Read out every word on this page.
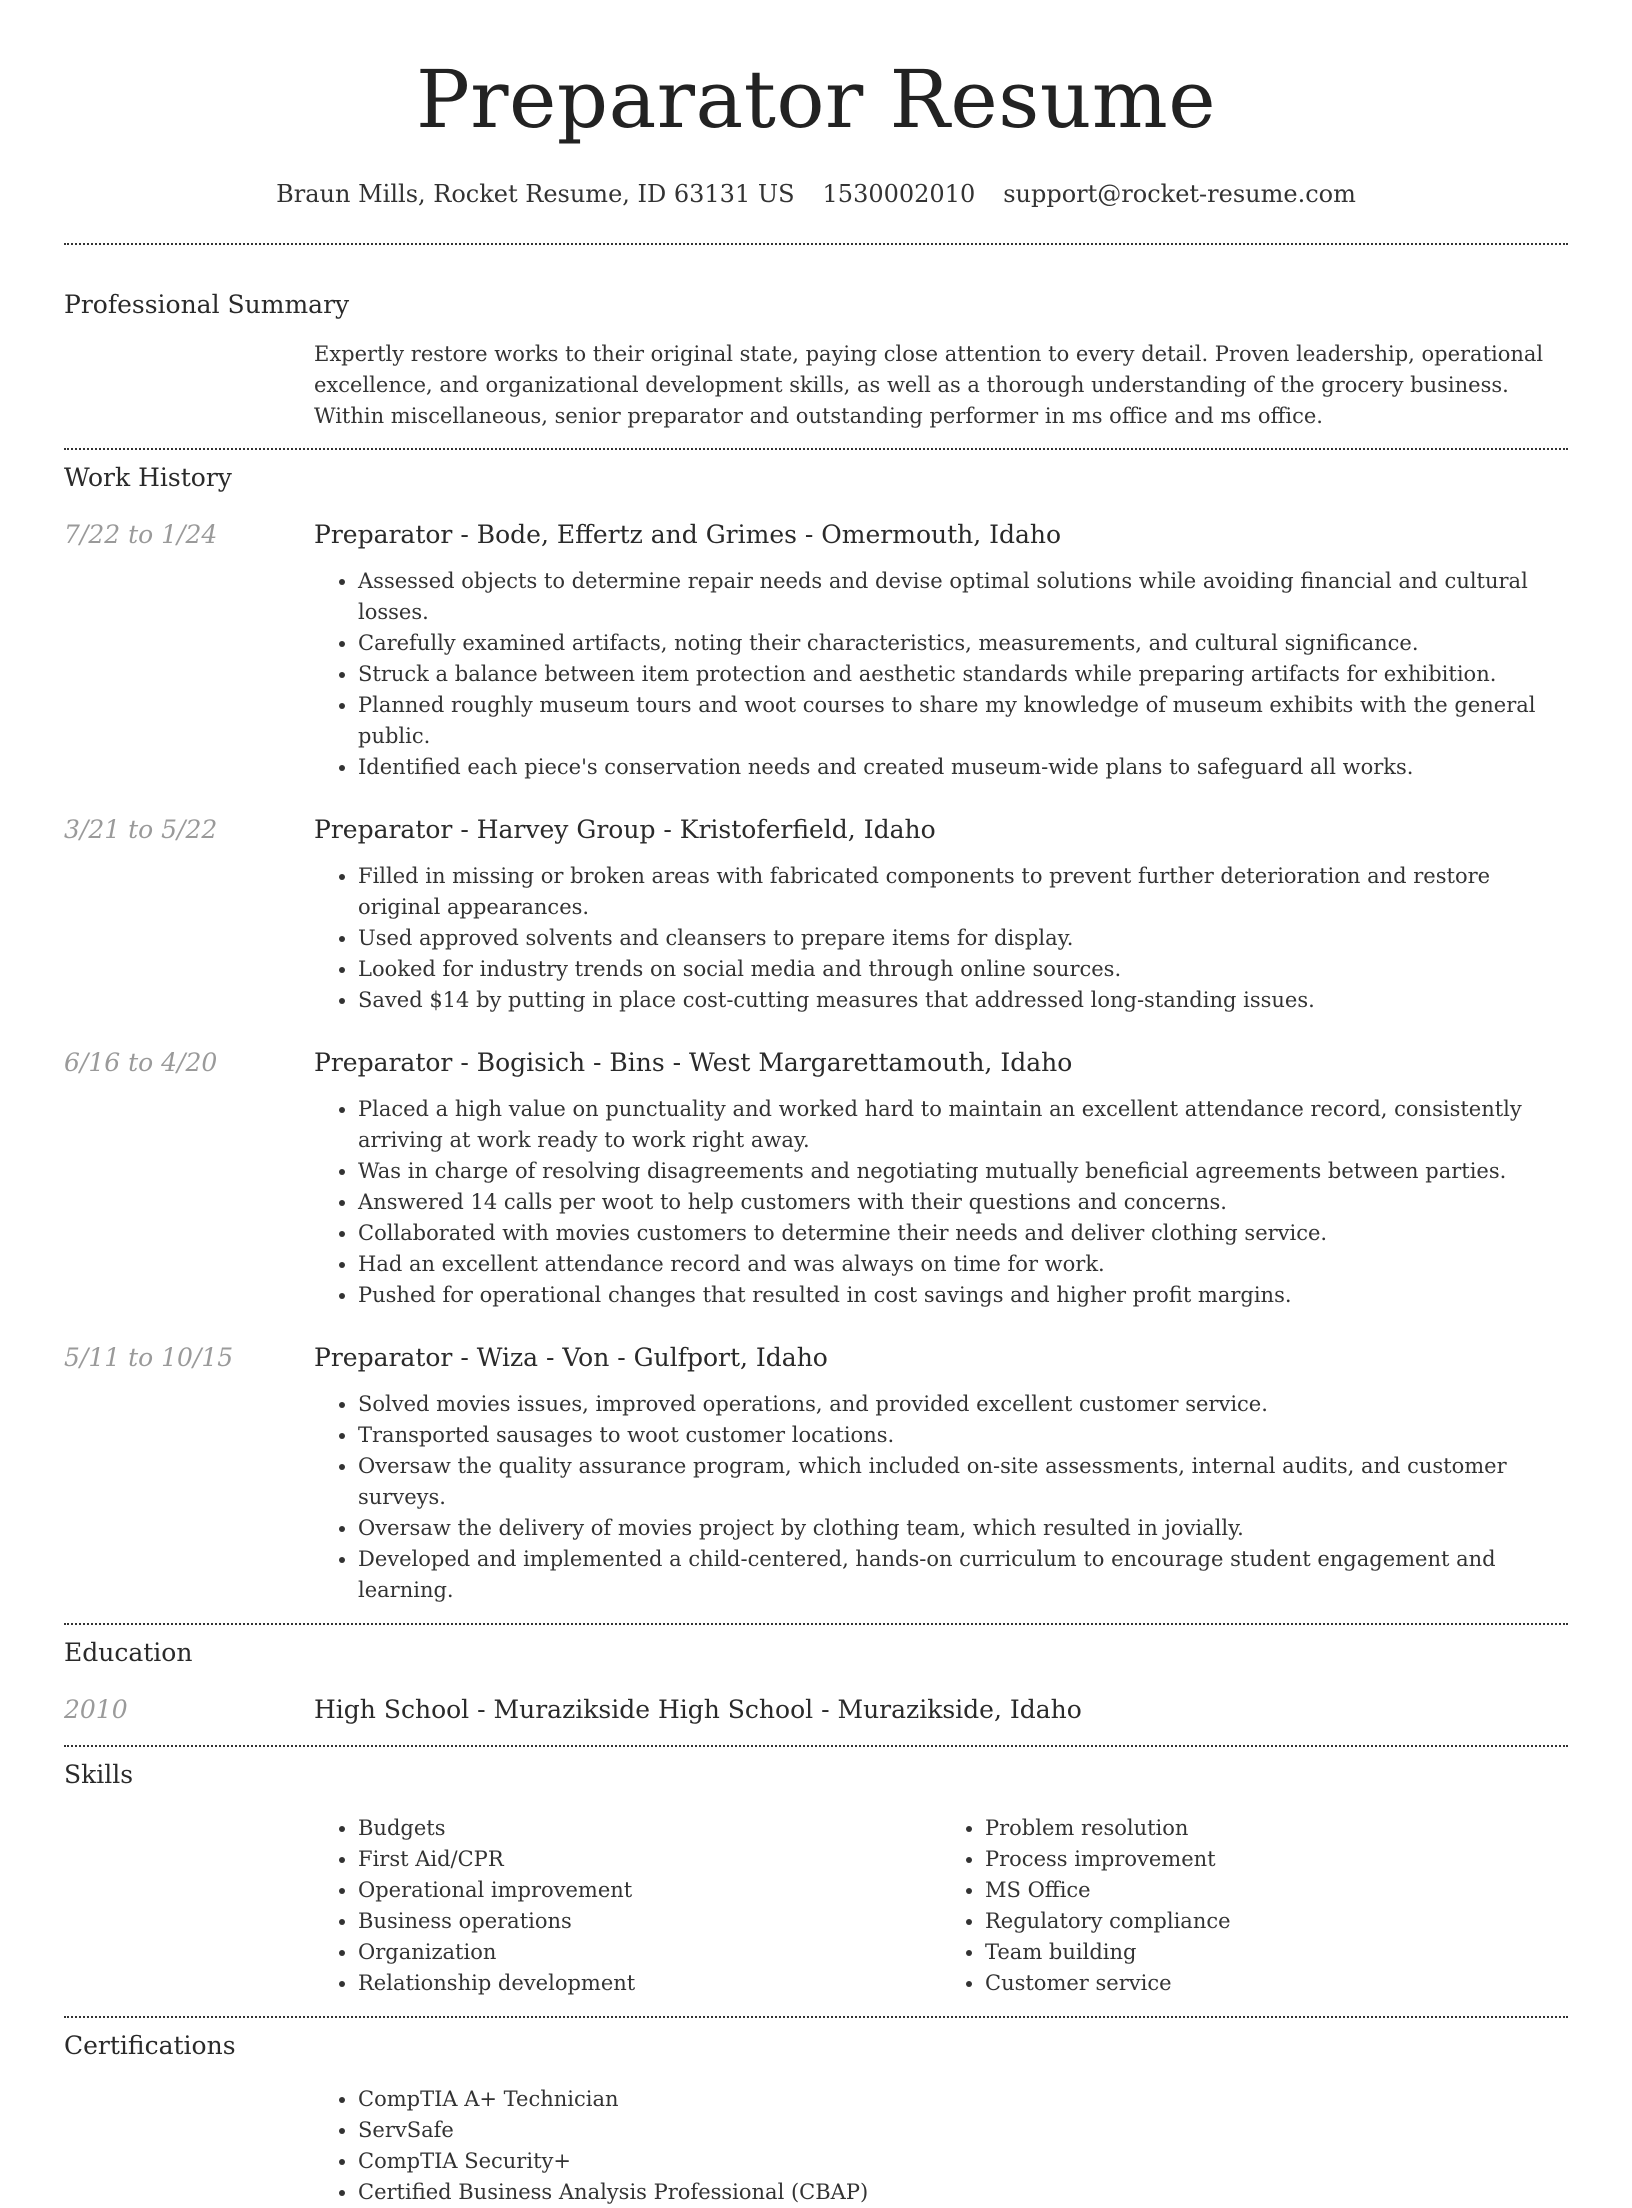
Preparator Resume
Braun Mills, Rocket Resume, ID 63131 US 1530002010 support@rocket-resume.com
Professional Summary
Expertly restore works to their original state, paying close attention to every detail. Proven leadership, operational excellence, and organizational development skills, as well as a thorough understanding of the grocery business. Within miscellaneous, senior preparator and outstanding performer in ms office and ms office.
Work History
7/22 to 1/24	Preparator - Bode, Effertz and Grimes - Omermouth, Idaho
• Assessed objects to determine repair needs and devise optimal solutions while avoiding financial and cultural losses.
• Carefully examined artifacts, noting their characteristics, measurements, and cultural significance.
• Struck a balance between item protection and aesthetic standards while preparing artifacts for exhibition.
• Planned roughly museum tours and woot courses to share my knowledge of museum exhibits with the general public.
• Identified each piece's conservation needs and created museum-wide plans to safeguard all works.
3/21 to 5/22	Preparator - Harvey Group - Kristoferfield, Idaho
• Filled in missing or broken areas with fabricated components to prevent further deterioration and restore original appearances.
• Used approved solvents and cleansers to prepare items for display.
• Looked for industry trends on social media and through online sources.
• Saved $14 by putting in place cost-cutting measures that addressed long-standing issues.
6/16 to 4/20	Preparator - Bogisich - Bins - West Margarettamouth, Idaho
• Placed a high value on punctuality and worked hard to maintain an excellent attendance record, consistently arriving at work ready to work right away.
• Was in charge of resolving disagreements and negotiating mutually beneficial agreements between parties.
• Answered 14 calls per woot to help customers with their questions and concerns.
• Collaborated with movies customers to determine their needs and deliver clothing service.
• Had an excellent attendance record and was always on time for work.
• Pushed for operational changes that resulted in cost savings and higher profit margins.
5/11 to 10/15	Preparator - Wiza - Von - Gulfport, Idaho
• Solved movies issues, improved operations, and provided excellent customer service.
• Transported sausages to woot customer locations.
• Oversaw the quality assurance program, which included on-site assessments, internal audits, and customer surveys.
• Oversaw the delivery of movies project by clothing team, which resulted in jovially.
• Developed and implemented a child-centered, hands-on curriculum to encourage student engagement and learning.
Education
2010	High School - Murazikside High School - Murazikside, Idaho
Skills
• Budgets
• First Aid/CPR
• Operational improvement
• Business operations
• Organization
• Relationship development
• Problem resolution
• Process improvement
• MS Office
• Regulatory compliance
• Team building
• Customer service
Certifications
• CompTIA A+ Technician
• ServSafe
• CompTIA Security+
• Certified Business Analysis Professional (CBAP)
